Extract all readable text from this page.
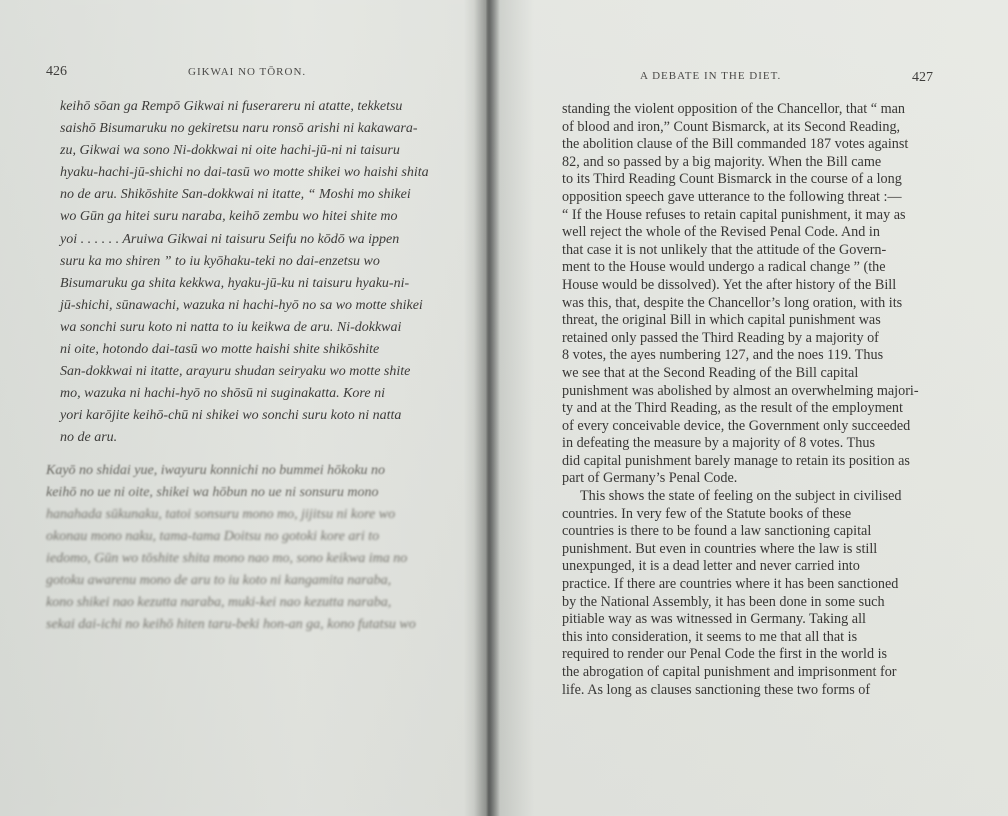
426	GIKWAI NO TŌRON.
keihō sōan ga Rempō Gikwai ni fuserareru ni atatte, tekketsu
saishō Bisumaruku no gekiretsu naru ronsō arishi ni kakawara-
zu, Gikwai wa sono Ni-dokkwai ni oite hachi-jū-ni ni taisuru
hyaku-hachi-jū-shichi no dai-tasū wo motte shikei wo haishi shita
no de aru. Shikōshite San-dokkwai ni itatte, “ Moshi mo shikei
wo Gūn ga hitei suru naraba, keihō zembu wo hitei shite mo
yoi . . . . . . Aruiwa Gikwai ni taisuru Seifu no kōdō wa ippen
suru ka mo shiren ” to iu kyōhaku-teki no dai-enzetsu wo
Bisumaruku ga shita kekkwa, hyaku-jū-ku ni taisuru hyaku-ni-
jū-shichi, sūnawachi, wazuka ni hachi-hyō no sa wo motte shikei
wa sonchi suru koto ni natta to iu keikwa de aru. Ni-dokkwai
ni oite, hotondo dai-tasū wo motte haishi shite shikōshite
San-dokkwai ni itatte, arayuru shudan seiryaku wo motte shite
mo, wazuka ni hachi-hyō no shōsū ni suginakatta. Kore ni
yori karōjite keihō-chū ni shikei wo sonchi suru koto ni natta
no de aru.
Kayō no shidai yue, iwayuru konnichi no bummei hōkoku no
keihō no ue ni oite, shikei wa hōbun no ue ni sonsuru mono
hanahada sūkunaku, tatoi sonsuru mono mo, jijitsu ni kore wo
okonau mono naku, tama-tama Doitsu no gotoki kore ari to
iedomo, Gūn wo tōshite shita mono nao mo, sono keikwa ima no
gotoku awarenu mono de aru to iu koto ni kangamita naraba,
kono shikei nao kezutta naraba, muki-kei nao kezutta naraba,
sekai dai-ichi no keihō hiten taru-beki hon-an ga, kono futatsu wo
A DEBATE IN THE DIET.	427
standing the violent opposition of the Chancellor, that “ man
of blood and iron,” Count Bismarck, at its Second Reading,
the abolition clause of the Bill commanded 187 votes against
82, and so passed by a big majority. When the Bill came
to its Third Reading Count Bismarck in the course of a long
opposition speech gave utterance to the following threat :—
“ If the House refuses to retain capital punishment, it may as
well reject the whole of the Revised Penal Code. And in
that case it is not unlikely that the attitude of the Govern-
ment to the House would undergo a radical change ” (the
House would be dissolved). Yet the after history of the Bill
was this, that, despite the Chancellor’s long oration, with its
threat, the original Bill in which capital punishment was
retained only passed the Third Reading by a majority of
8 votes, the ayes numbering 127, and the noes 119. Thus
we see that at the Second Reading of the Bill capital
punishment was abolished by almost an overwhelming majori-
ty and at the Third Reading, as the result of the employment
of every conceivable device, the Government only succeeded
in defeating the measure by a majority of 8 votes. Thus
did capital punishment barely manage to retain its position as
part of Germany’s Penal Code.
This shows the state of feeling on the subject in civilised
countries. In very few of the Statute books of these
countries is there to be found a law sanctioning capital
punishment. But even in countries where the law is still
unexpunged, it is a dead letter and never carried into
practice. If there are countries where it has been sanctioned
by the National Assembly, it has been done in some such
pitiable way as was witnessed in Germany. Taking all
this into consideration, it seems to me that all that is
required to render our Penal Code the first in the world is
the abrogation of capital punishment and imprisonment for
life. As long as clauses sanctioning these two forms of
